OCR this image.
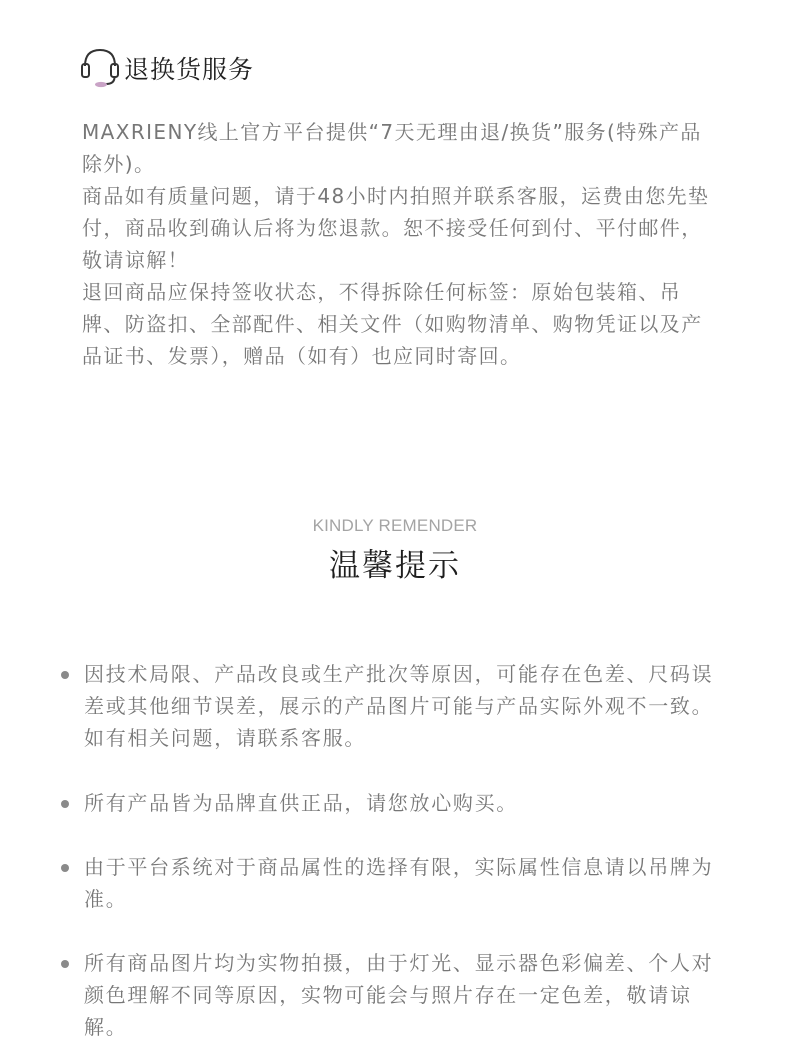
退换货服务

MAXRIENY线上官方平台提供“7天无理由退/换货”服务(特殊产品除外)。

商品如有质量问题，请于48小时内拍照并联系客服，运费由您先垫付，商品收到确认后将为您退款。恕不接受任何到付、平付邮件，敬请谅解！

退回商品应保持签收状态，不得拆除任何标签：原始包装箱、吊牌、防盗扣、全部配件、相关文件（如购物清单、购物凭证以及产品证书、发票），赠品（如有）也应同时寄回。

KINDLY REMENDER
温馨提示
因技术局限、产品改良或生产批次等原因，可能存在色差、尺码误差或其他细节误差，展示的产品图片可能与产品实际外观不一致。如有相关问题，请联系客服。
所有产品皆为品牌直供正品，请您放心购买。
由于平台系统对于商品属性的选择有限，实际属性信息请以吊牌为准。
所有商品图片均为实物拍摄，由于灯光、显示器色彩偏差、个人对颜色理解不同等原因，实物可能会与照片存在一定色差，敬请谅解。
